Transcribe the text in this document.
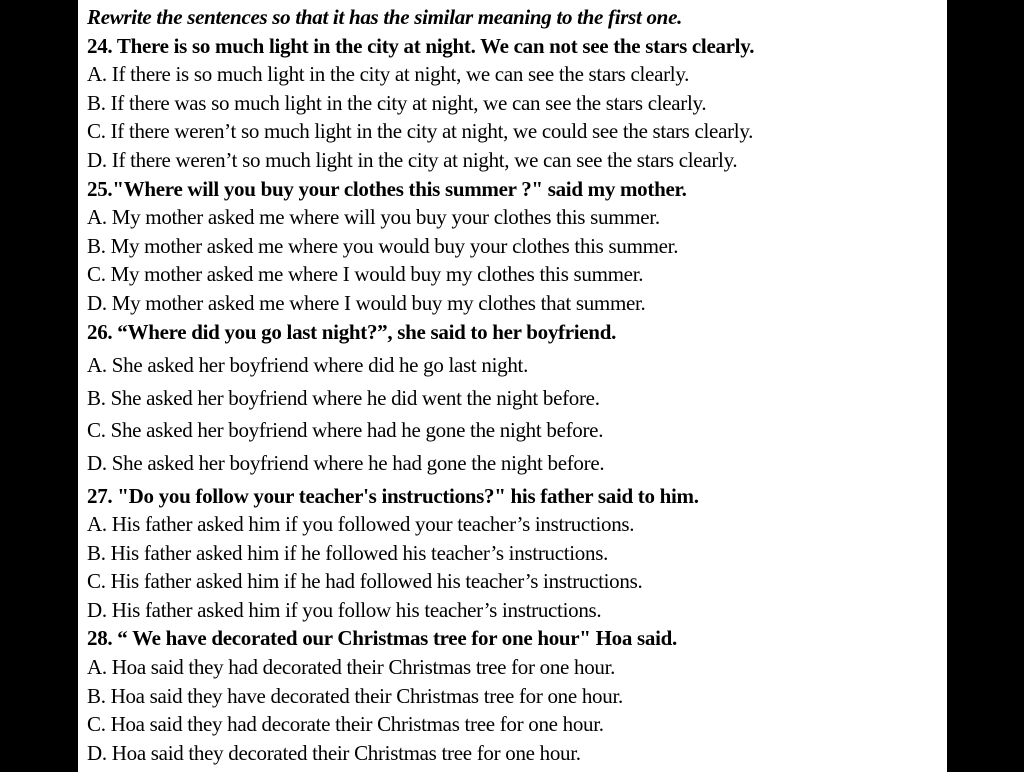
Rewrite the sentences so that it has the similar meaning to the first one.
24. There is so much light in the city at night. We can not see the stars clearly.
A. If there is so much light in the city at night, we can see the stars clearly.
B. If there was so much light in the city at night, we can see the stars clearly.
C. If there weren’t so much light in the city at night, we could see the stars clearly.
D. If there weren’t so much light in the city at night, we can see the stars clearly.
25."Where will you buy your clothes this summer ?" said my mother.
A. My mother asked me where will you buy your clothes this summer.
B. My mother asked me where you would buy your clothes this summer.
C. My mother asked me where I would buy my clothes this summer.
D. My mother asked me where I would buy my clothes that summer.
26. “Where did you go last night?”, she said to her boyfriend.
A. She asked her boyfriend where did he go last night.
B. She asked her boyfriend where he did went the night before.
C. She asked her boyfriend where had he gone the night before.
D. She asked her boyfriend where he had gone the night before.
27. "Do you follow your teacher's instructions?" his father said to him.
A. His father asked him if you followed your teacher’s instructions.
B. His father asked him if he followed his teacher’s instructions.
C. His father asked him if he had followed his teacher’s instructions.
D. His father asked him if you follow his teacher’s instructions.
28. “ We have decorated our Christmas tree for one hour" Hoa said.
A. Hoa said they had decorated their Christmas tree for one hour.
B. Hoa said they have decorated their Christmas tree for one hour.
C. Hoa said they had decorate their Christmas tree for one hour.
D. Hoa said they decorated their Christmas tree for one hour.
